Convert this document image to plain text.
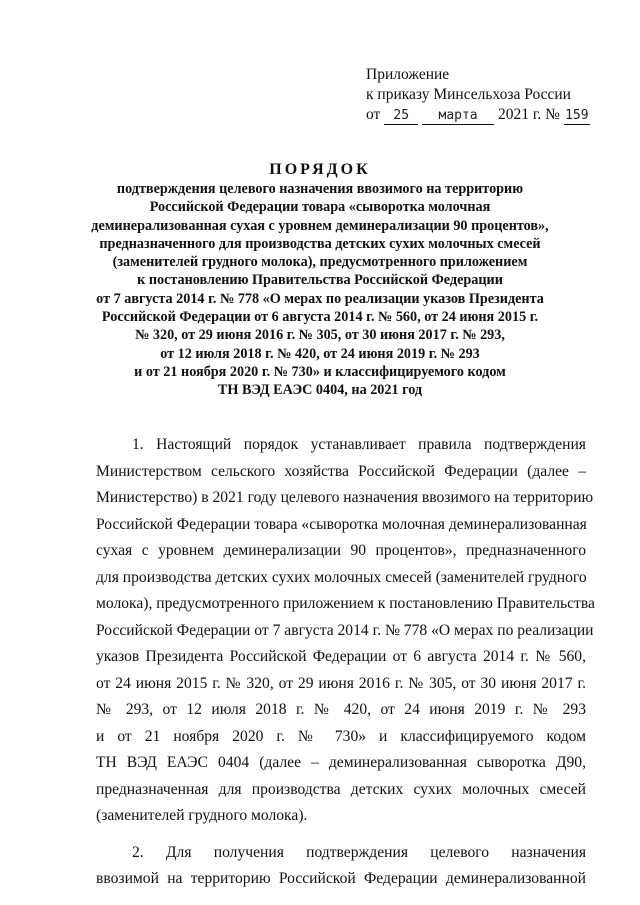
Приложение
к приказу Минсельхоза России
от 25 марта 2021 г. № 159
ПОРЯДОК
подтверждения целевого назначения ввозимого на территорию
Российской Федерации товара «сыворотка молочная
деминерализованная сухая с уровнем деминерализации 90 процентов»,
предназначенного для производства детских сухих молочных смесей
(заменителей грудного молока), предусмотренного приложением
к постановлению Правительства Российской Федерации
от 7 августа 2014 г. № 778 «О мерах по реализации указов Президента
Российской Федерации от 6 августа 2014 г. № 560, от 24 июня 2015 г.
№ 320, от 29 июня 2016 г. № 305, от 30 июня 2017 г. № 293,
от 12 июля 2018 г. № 420, от 24 июня 2019 г. № 293
и от 21 ноября 2020 г. № 730» и классифицируемого кодом
ТН ВЭД ЕАЭС 0404, на 2021 год
1. Настоящий порядок устанавливает правила подтверждения
Министерством сельского хозяйства Российской Федерации (далее –
Министерство) в 2021 году целевого назначения ввозимого на территорию
Российской Федерации товара «сыворотка молочная деминерализованная
сухая с уровнем деминерализации 90 процентов», предназначенного
для производства детских сухих молочных смесей (заменителей грудного
молока), предусмотренного приложением к постановлению Правительства
Российской Федерации от 7 августа 2014 г. № 778 «О мерах по реализации
указов Президента Российской Федерации от 6 августа 2014 г. № 560,
от 24 июня 2015 г. № 320, от 29 июня 2016 г. № 305, от 30 июня 2017 г.
№ 293, от 12 июля 2018 г. № 420, от 24 июня 2019 г. № 293
и от 21 ноября 2020 г. № 730» и классифицируемого кодом
ТН ВЭД ЕАЭС 0404 (далее – деминерализованная сыворотка Д90,
предназначенная для производства детских сухих молочных смесей
(заменителей грудного молока).
2. Для получения подтверждения целевого назначения
ввозимой на территорию Российской Федерации деминерализованной
